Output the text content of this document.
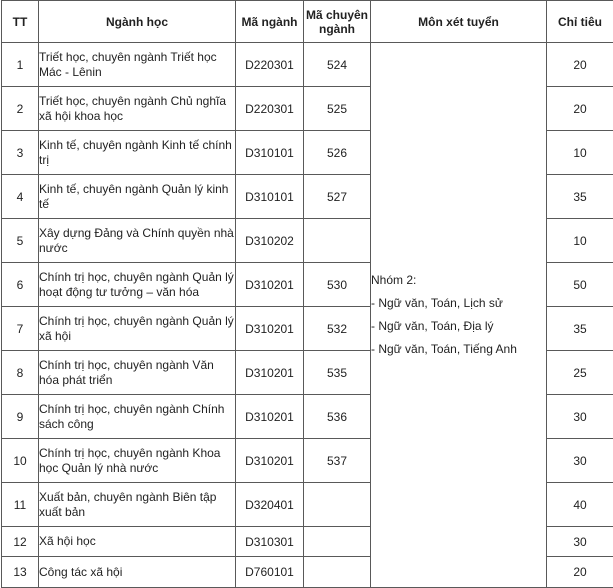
TT	Ngành học	Mã ngành	Mã chuyên ngành	Môn xét tuyển	Chỉ tiêu
1	Triết học, chuyên ngành Triết học Mác - Lênin	D220301	524	Nhóm 2:
- Ngữ văn, Toán, Lịch sử
- Ngữ văn, Toán, Địa lý
- Ngữ văn, Toán, Tiếng Anh	20
2	Triết học, chuyên ngành Chủ nghĩa xã hội khoa học	D220301	525		20
3	Kinh tế, chuyên ngành Kinh tế chính trị	D310101	526		10
4	Kinh tế, chuyên ngành Quản lý kinh tế	D310101	527		35
5	Xây dựng Đảng và Chính quyền nhà nước	D310202			10
6	Chính trị học, chuyên ngành Quản lý hoạt động tư tưởng – văn hóa	D310201	530		50
7	Chính trị học, chuyên ngành Quản lý xã hội	D310201	532		35
8	Chính trị học, chuyên ngành Văn hóa phát triển	D310201	535		25
9	Chính trị học, chuyên ngành Chính sách công	D310201	536		30
10	Chính trị học, chuyên ngành Khoa học Quản lý nhà nước	D310201	537		30
11	Xuất bản, chuyên ngành Biên tập xuất bản	D320401			40
12	Xã hội học	D310301			30
13	Công tác xã hội	D760101			20
